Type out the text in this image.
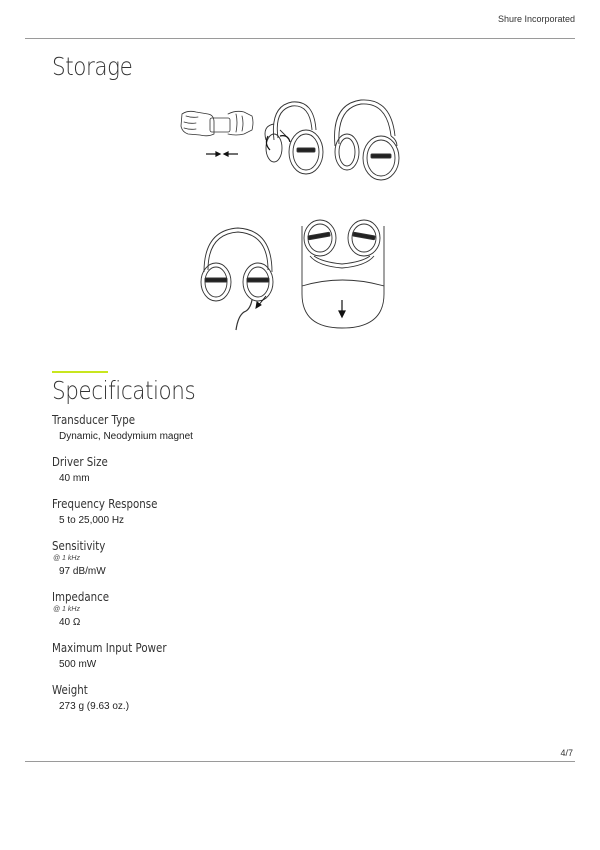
Shure Incorporated
Storage
Specifications
Transducer Type
Dynamic, Neodymium magnet
Driver Size
40 mm
Frequency Response
5 to 25,000 Hz
Sensitivity
@ 1 kHz
97 dB/mW
Impedance
@ 1 kHz
40 Ω
Maximum Input Power
500 mW
Weight
273 g (9.63 oz.)
4/7
